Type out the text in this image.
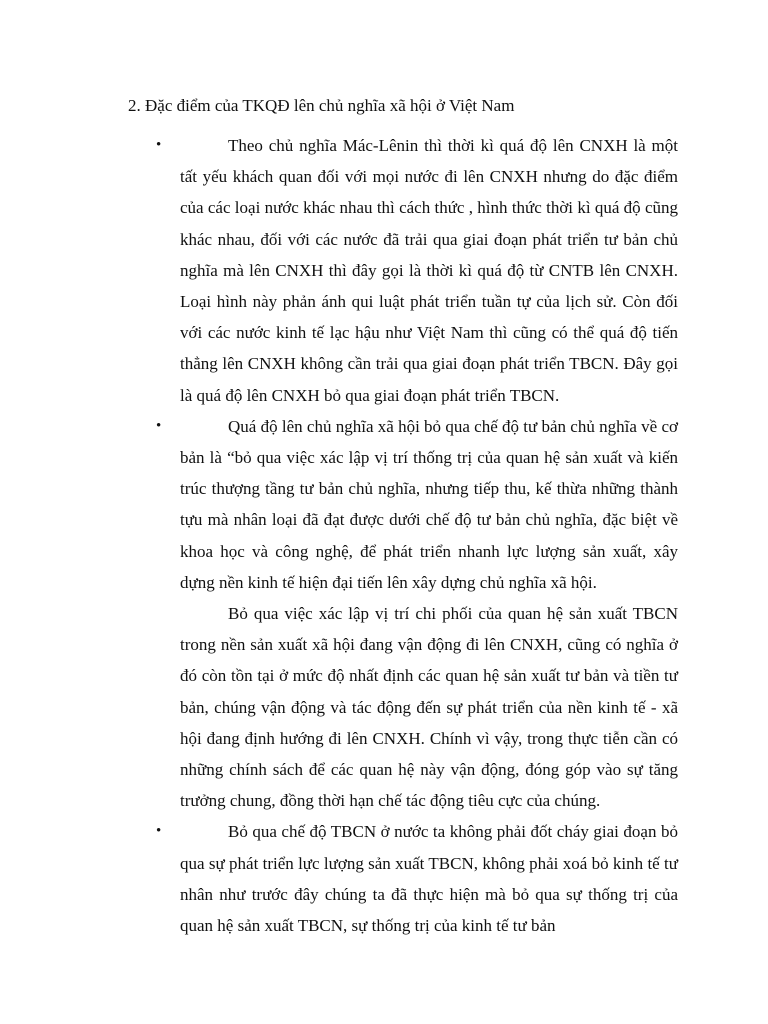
2. Đặc điểm của TKQĐ lên chủ nghĩa xã hội ở Việt Nam
•	Theo chủ nghĩa Mác-Lênin thì thời kì quá độ lên CNXH là một tất yếu khách quan đối với mọi nước đi lên CNXH nhưng do đặc điểm của các loại nước khác nhau thì cách thức , hình thức thời kì quá độ cũng khác nhau, đối với các nước đã trải qua giai đoạn phát triển tư bản chủ nghĩa mà lên CNXH thì đây gọi là thời kì quá độ từ CNTB lên CNXH. Loại hình này phản ánh qui luật phát triển tuần tự của lịch sử. Còn đối với các nước kinh tế lạc hậu như Việt Nam thì cũng có thể quá độ tiến thẳng lên CNXH không cần trải qua giai đoạn phát triển TBCN. Đây gọi là quá độ lên CNXH bỏ qua giai đoạn phát triển TBCN.

•	Quá độ lên chủ nghĩa xã hội bỏ qua chế độ tư bản chủ nghĩa về cơ bản là “bỏ qua việc xác lập vị trí thống trị của quan hệ sản xuất và kiến trúc thượng tầng tư bản chủ nghĩa, nhưng tiếp thu, kế thừa những thành tựu mà nhân loại đã đạt được dưới chế độ tư bản chủ nghĩa, đặc biệt về khoa học và công nghệ, để phát triển nhanh lực lượng sản xuất, xây dựng nền kinh tế hiện đại tiến lên xây dựng chủ nghĩa xã hội.

Bỏ qua việc xác lập vị trí chi phối của quan hệ sản xuất TBCN trong nền sản xuất xã hội đang vận động đi lên CNXH, cũng có nghĩa ở đó còn tồn tại ở mức độ nhất định các quan hệ sản xuất tư bản và tiền tư bản, chúng vận động và tác động đến sự phát triển của nền kinh tế - xã hội đang định hướng đi lên CNXH. Chính vì vậy, trong thực tiễn cần có những chính sách để các quan hệ này vận động, đóng góp vào sự tăng trưởng chung, đồng thời hạn chế tác động tiêu cực của chúng.

•	Bỏ qua chế độ TBCN ở nước ta không phải đốt cháy giai đoạn bỏ qua sự phát triển lực lượng sản xuất TBCN, không phải xoá bỏ kinh tế tư nhân như trước đây chúng ta đã thực hiện mà bỏ qua sự thống trị của quan hệ sản xuất TBCN, sự thống trị của kinh tế tư bản
